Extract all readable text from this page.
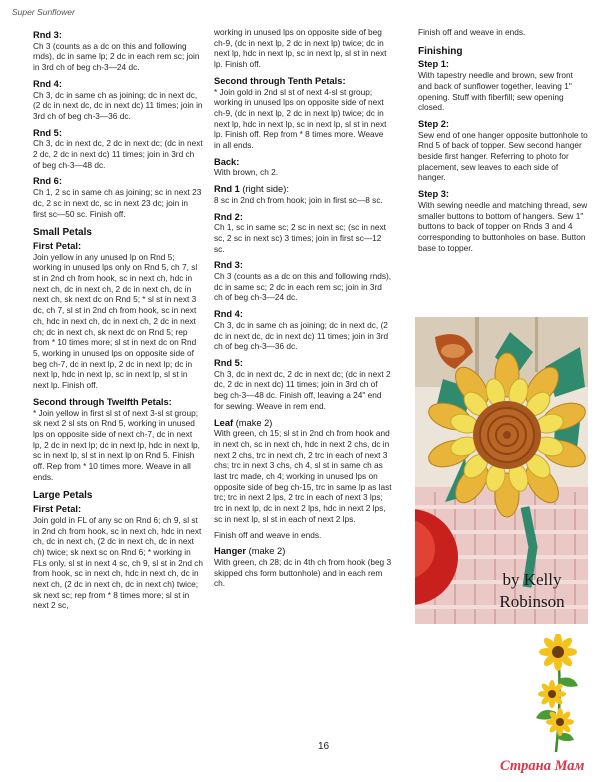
Super Sunflower
Rnd 3:
Ch 3 (counts as a dc on this and following rnds), dc in same lp; 2 dc in each rem sc; join in 3rd ch of beg ch-3—24 dc.
Rnd 4:
Ch 3, dc in same ch as joining; dc in next dc, (2 dc in next dc, dc in next dc) 11 times; join in 3rd ch of beg ch-3—36 dc.
Rnd 5:
Ch 3, dc in next dc, 2 dc in next dc; (dc in next 2 dc, 2 dc in next dc) 11 times; join in 3rd ch of beg ch-3—48 dc.
Rnd 6:
Ch 1, 2 sc in same ch as joining; sc in next 23 dc, 2 sc in next dc, sc in next 23 dc; join in first sc—50 sc. Finish off.
Small Petals
First Petal:
Join yellow in any unused lp on Rnd 5; working in unused lps only on Rnd 5, ch 7, sl st in 2nd ch from hook, sc in next ch, hdc in next ch, dc in next ch, 2 dc in next ch, dc in next ch, sk next dc on Rnd 5; * sl st in next 3 dc, ch 7, sl st in 2nd ch from hook, sc in next ch, hdc in next ch, dc in next ch, 2 dc in next ch; dc in next ch, sk next dc on Rnd 5; rep from * 10 times more; sl st in next dc on Rnd 5, working in unused lps on opposite side of beg ch-7, dc in next lp, 2 dc in next lp; dc in next lp, hdc in next lp, sc in next lp, sl st in next lp. Finish off.
Second through Twelfth Petals:
* Join yellow in first sl st of next 3-sl st group; sk next 2 sl sts on Rnd 5, working in unused lps on opposite side of next ch-7, dc in next lp, 2 dc in next lp; dc in next lp, hdc in next lp, sc in next lp, sl st in next lp on Rnd 5. Finish off. Rep from * 10 times more. Weave in all ends.
Large Petals
First Petal:
Join gold in FL of any sc on Rnd 6; ch 9, sl st in 2nd ch from hook, sc in next ch, hdc in next ch, dc in next ch, (2 dc in next ch, dc in next ch) twice; sk next sc on Rnd 6; * working in FLs only, sl st in next 4 sc, ch 9, sl st in 2nd ch from hook, sc in next ch, hdc in next ch, dc in next ch, (2 dc in next ch, dc in next ch) twice; sk next sc; rep from * 8 times more; sl st in next 2 sc,
working in unused lps on opposite side of beg ch-9, (dc in next lp, 2 dc in next lp) twice; dc in next lp, hdc in next lp, sc in next lp, sl st in next lp. Finish off.
Second through Tenth Petals:
* Join gold in 2nd sl st of next 4-sl st group; working in unused lps on opposite side of next ch-9, (dc in next lp, 2 dc in next lp) twice; dc in next lp, hdc in next lp, sc in next lp, sl st in next lp. Finish off. Rep from * 8 times more. Weave in all ends.
Back:
With brown, ch 2.
Rnd 1 (right side):
8 sc in 2nd ch from hook; join in first sc—8 sc.
Rnd 2:
Ch 1, sc in same sc; 2 sc in next sc; (sc in next sc, 2 sc in next sc) 3 times; join in first sc—12 sc.
Rnd 3:
Ch 3 (counts as a dc on this and following rnds), dc in same sc; 2 dc in each rem sc; join in 3rd ch of beg ch-3—24 dc.
Rnd 4:
Ch 3, dc in same ch as joining; dc in next dc, (2 dc in next dc, dc in next dc) 11 times; join in 3rd ch of beg ch-3—36 dc.
Rnd 5:
Ch 3, dc in next dc, 2 dc in next dc; (dc in next 2 dc, 2 dc in next dc) 11 times; join in 3rd ch of beg ch-3—48 dc. Finish off, leaving a 24" end for sewing. Weave in rem end.
Leaf (make 2)
With green, ch 15; sl st in 2nd ch from hook and in next ch, sc in next ch, hdc in next 2 chs, dc in next 2 chs, trc in next ch, 2 trc in each of next 3 chs; trc in next 3 chs, ch 4, sl st in same ch as last trc made, ch 4; working in unused lps on opposite side of beg ch-15, trc in same lp as last trc; trc in next 2 lps, 2 trc in each of next 3 lps; trc in next lp, dc in next 2 lps, hdc in next 2 lps, sc in next lp, sl st in each of next 2 lps.
Finish off and weave in ends.
Hanger (make 2)
With green, ch 28; dc in 4th ch from hook (beg 3 skipped chs form buttonhole) and in each rem ch.
Finish off and weave in ends.
Finishing
Step 1:
With tapestry needle and brown, sew front and back of sunflower together, leaving 1" opening. Stuff with fiberfill; sew opening closed.
Step 2:
Sew end of one hanger opposite buttonhole to Rnd 5 of back of topper. Sew second hanger beside first hanger. Referring to photo for placement, sew leaves to each side of hanger.
Step 3:
With sewing needle and matching thread, sew smaller buttons to bottom of hangers. Sew 1" buttons to back of topper on Rnds 3 and 4 corresponding to buttonholes on base. Button base to topper.
by Kelly
Robinson
16
Страна Мам
